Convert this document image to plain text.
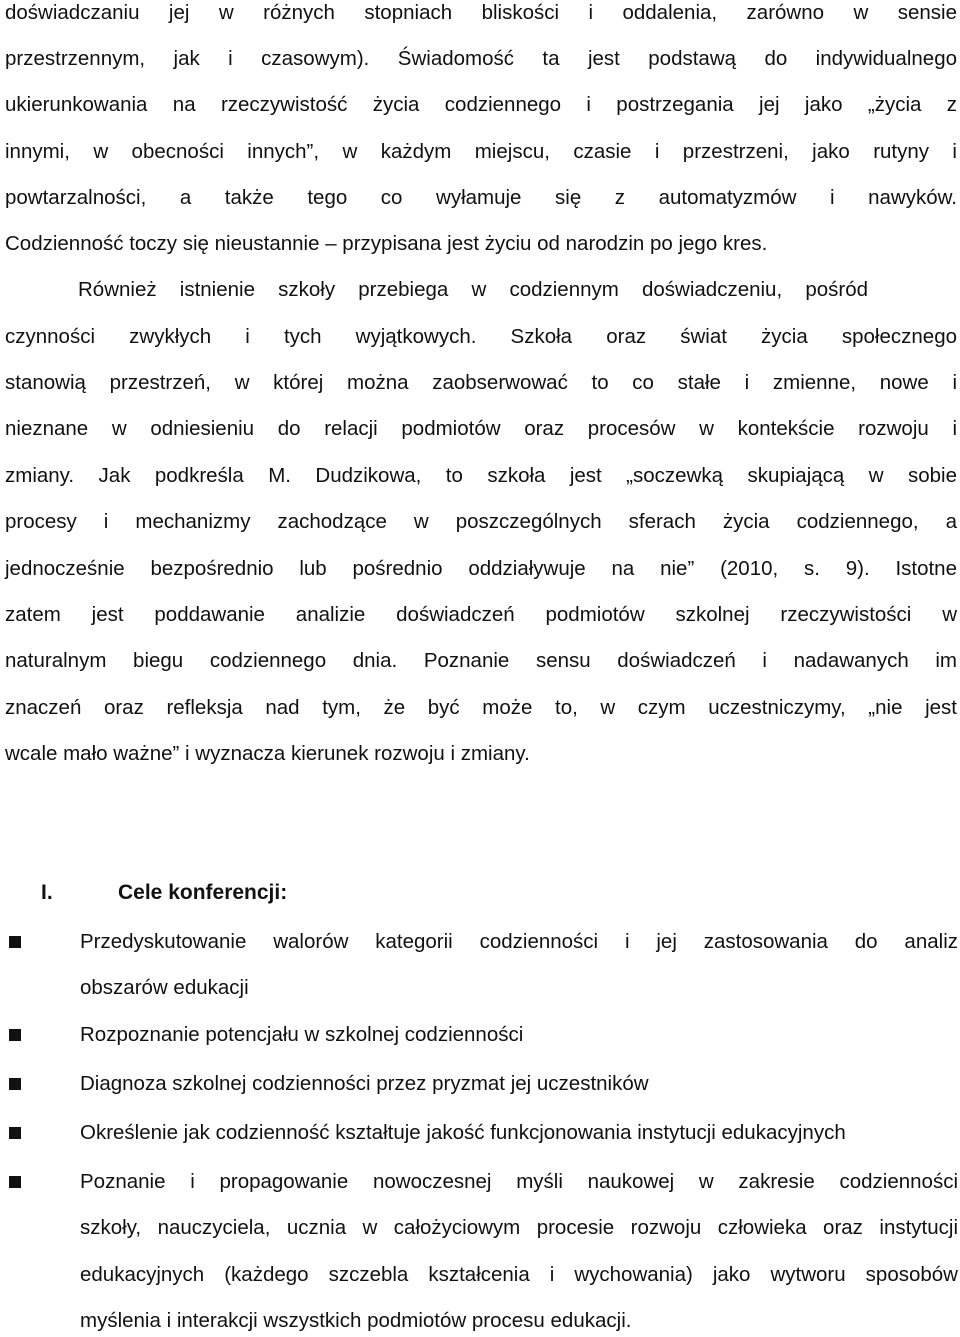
doświadczaniu jej w różnych stopniach bliskości i oddalenia, zarówno w sensie
przestrzennym, jak i czasowym). Świadomość ta jest podstawą do indywidualnego
ukierunkowania na rzeczywistość życia codziennego i postrzegania jej jako „życia z
innymi, w obecności innych”, w każdym miejscu, czasie i przestrzeni, jako rutyny i
powtarzalności, a także tego co wyłamuje się z automatyzmów i nawyków.
Codzienność toczy się nieustannie – przypisana jest życiu od narodzin po jego kres.
Również istnienie szkoły przebiega w codziennym doświadczeniu, pośród
czynności zwykłych i tych wyjątkowych. Szkoła oraz świat życia społecznego
stanowią przestrzeń, w której można zaobserwować to co stałe i zmienne, nowe i
nieznane w odniesieniu do relacji podmiotów oraz procesów w kontekście rozwoju i
zmiany. Jak podkreśla M. Dudzikowa, to szkoła jest „soczewką skupiającą w sobie
procesy i mechanizmy zachodzące w poszczególnych sferach życia codziennego, a
jednocześnie bezpośrednio lub pośrednio oddziaływuje na nie” (2010, s. 9). Istotne
zatem jest poddawanie analizie doświadczeń podmiotów szkolnej rzeczywistości w
naturalnym biegu codziennego dnia. Poznanie sensu doświadczeń i nadawanych im
znaczeń oraz refleksja nad tym, że być może to, w czym uczestniczymy, „nie jest
wcale mało ważne” i wyznacza kierunek rozwoju i zmiany.
I.	Cele konferencji:
Przedyskutowanie walorów kategorii codzienności i jej zastosowania do analiz
obszarów edukacji
Rozpoznanie potencjału w szkolnej codzienności
Diagnoza szkolnej codzienności przez pryzmat jej uczestników
Określenie jak codzienność kształtuje jakość funkcjonowania instytucji edukacyjnych
Poznanie i propagowanie nowoczesnej myśli naukowej w zakresie codzienności
szkoły, nauczyciela, ucznia w całożyciowym procesie rozwoju człowieka oraz instytucji
edukacyjnych (każdego szczebla kształcenia i wychowania) jako wytworu sposobów
myślenia i interakcji wszystkich podmiotów procesu edukacji.
